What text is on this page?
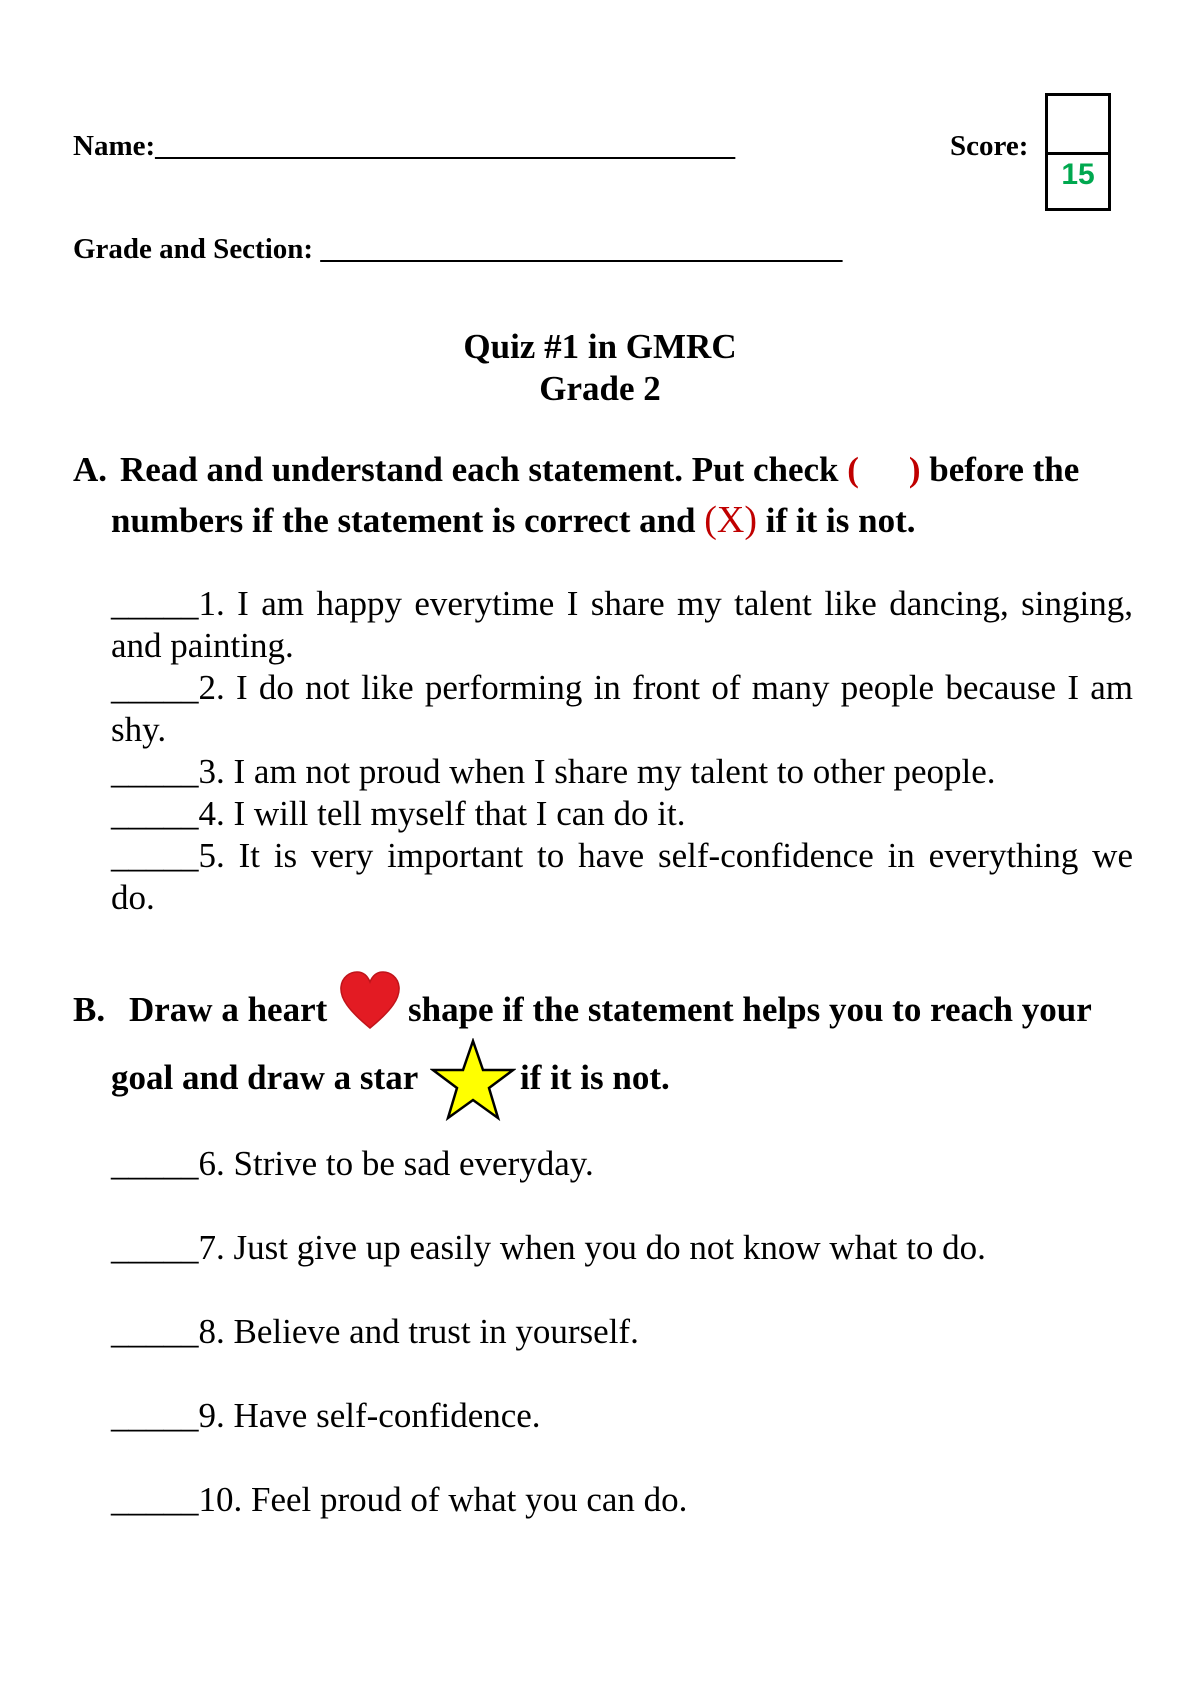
Name:________________________________________	Score:
15
Grade and Section: ____________________________________
Quiz #1 in GMRC
Grade 2
A. Read and understand each statement. Put check ( ) before the
numbers if the statement is correct and (X) if it is not.
_____1. I am happy everytime I share my talent like dancing, singing, and painting.
_____2. I do not like performing in front of many people because I am shy.
_____3. I am not proud when I share my talent to other people.
_____4. I will tell myself that I can do it.
_____5. It is very important to have self-confidence in everything we do.
B. Draw a heart shape if the statement helps you to reach your
goal and draw a star	if it is not.
_____6. Strive to be sad everyday.
_____7. Just give up easily when you do not know what to do.
_____8. Believe and trust in yourself.
_____9. Have self-confidence.
_____10. Feel proud of what you can do.
